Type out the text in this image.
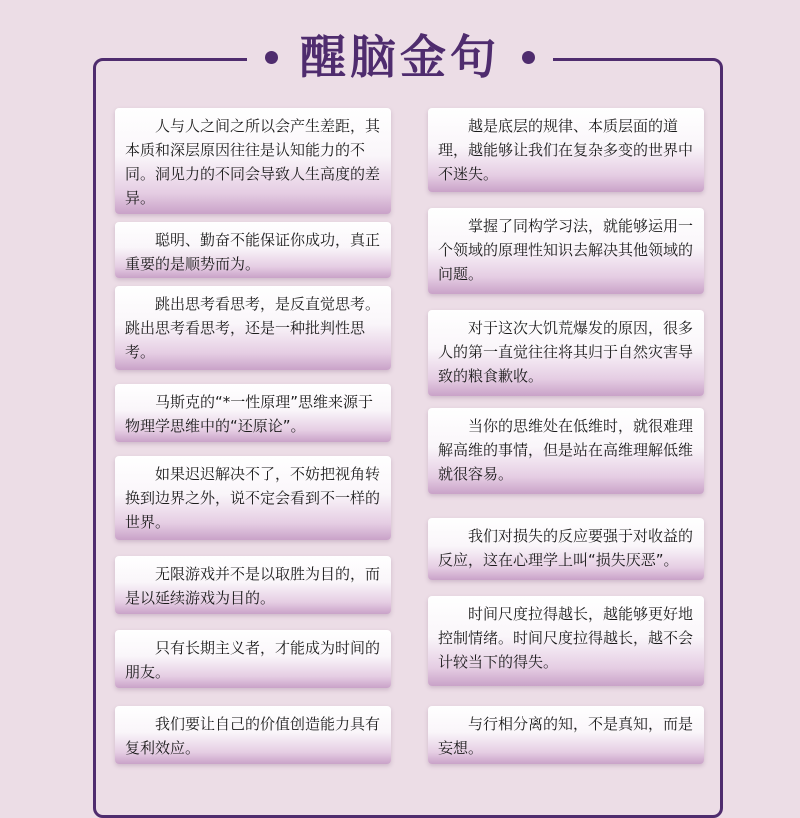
醒脑金句

人与人之间之所以会产生差距，其本质和深层原因往往是认知能力的不同。洞见力的不同会导致人生高度的差异。

聪明、勤奋不能保证你成功，真正重要的是顺势而为。

跳出思考看思考，是反直觉思考。跳出思考看思考，还是一种批判性思考。

马斯克的“*一性原理”思维来源于物理学思维中的“还原论”。

如果迟迟解决不了，不妨把视角转换到边界之外，说不定会看到不一样的世界。

无限游戏并不是以取胜为目的，而是以延续游戏为目的。

只有长期主义者，才能成为时间的朋友。

我们要让自己的价值创造能力具有复利效应。

越是底层的规律、本质层面的道理，越能够让我们在复杂多变的世界中不迷失。

掌握了同构学习法，就能够运用一个领域的原理性知识去解决其他领域的问题。

对于这次大饥荒爆发的原因，很多人的第一直觉往往将其归于自然灾害导致的粮食歉收。

当你的思维处在低维时，就很难理解高维的事情，但是站在高维理解低维就很容易。

我们对损失的反应要强于对收益的反应，这在心理学上叫“损失厌恶”。

时间尺度拉得越长，越能够更好地控制情绪。时间尺度拉得越长，越不会计较当下的得失。

与行相分离的知，不是真知，而是妄想。
